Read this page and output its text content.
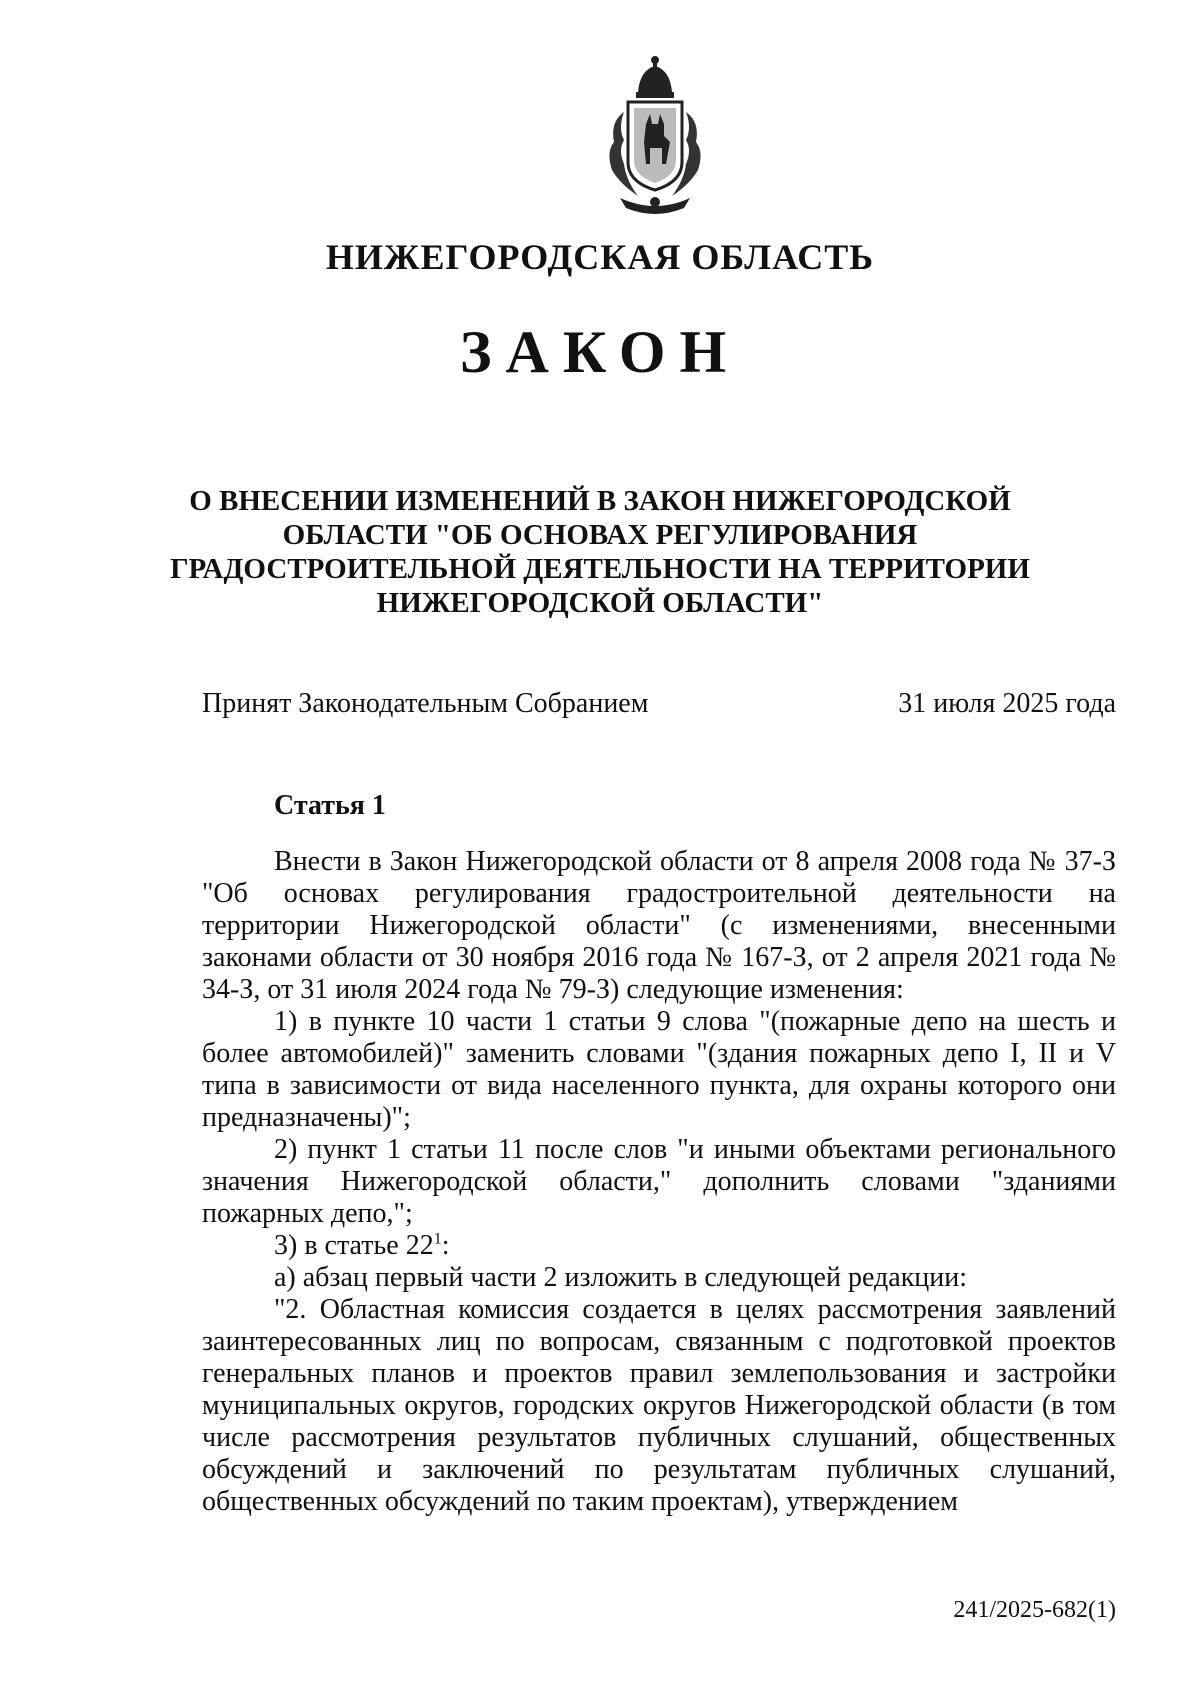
НИЖЕГОРОДСКАЯ ОБЛАСТЬ
ЗАКОН
О ВНЕСЕНИИ ИЗМЕНЕНИЙ В ЗАКОН НИЖЕГОРОДСКОЙ ОБЛАСТИ "ОБ ОСНОВАХ РЕГУЛИРОВАНИЯ ГРАДОСТРОИТЕЛЬНОЙ ДЕЯТЕЛЬНОСТИ НА ТЕРРИТОРИИ НИЖЕГОРОДСКОЙ ОБЛАСТИ"
Принят Законодательным Собранием	31 июля 2025 года
Статья 1

Внести в Закон Нижегородской области от 8 апреля 2008 года № 37-З "Об основах регулирования градостроительной деятельности на территории Нижегородской области" (с изменениями, внесенными законами области от 30 ноября 2016 года № 167-З, от 2 апреля 2021 года № 34-З, от 31 июля 2024 года № 79-З) следующие изменения:

1) в пункте 10 части 1 статьи 9 слова "(пожарные депо на шесть и более автомобилей)" заменить словами "(здания пожарных депо I, II и V типа в зависимости от вида населенного пункта, для охраны которого они предназначены)";

2) пункт 1 статьи 11 после слов "и иными объектами регионального значения Нижегородской области," дополнить словами "зданиями пожарных депо,";

3) в статье $22^1$:

a) абзац первый части 2 изложить в следующей редакции:

"2. Областная комиссия создается в целях рассмотрения заявлений заинтересованных лиц по вопросам, связанным с подготовкой проектов генеральных планов и проектов правил землепользования и застройки муниципальных округов, городских округов Нижегородской области (в том числе рассмотрения результатов публичных слушаний, общественных обсуждений и заключений по результатам публичных слушаний, общественных обсуждений по таким проектам), утверждением

241/2025-682(1)
